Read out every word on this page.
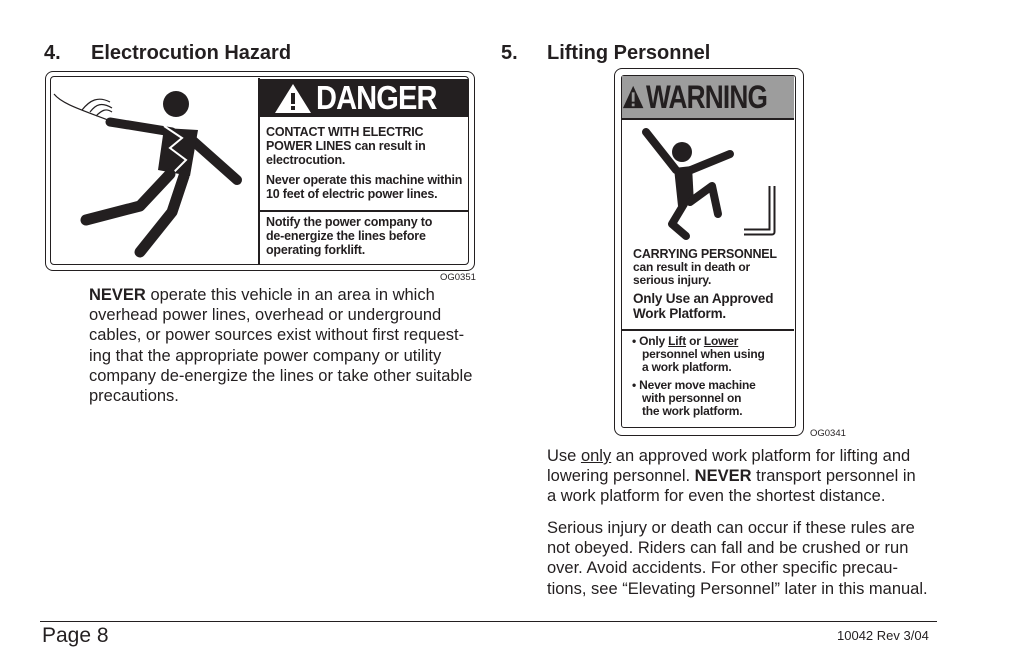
4. Electrocution Hazard
DANGER
CONTACT WITH ELECTRIC
POWER LINES can result in
electrocution.
Never operate this machine within
10 feet of electric power lines.
Notify the power company to
de-energize the lines before
operating forklift.
OG0351
NEVER operate this vehicle in an area in which
overhead power lines, overhead or underground
cables, or power sources exist without first request-
ing that the appropriate power company or utility
company de-energize the lines or take other suitable
precautions.
5. Lifting Personnel
WARNING
CARRYING PERSONNEL
can result in death or
serious injury.
Only Use an Approved
Work Platform.
• Only Lift or Lower
personnel when using
a work platform.
• Never move machine
with personnel on
the work platform.
OG0341
Use only an approved work platform for lifting and
lowering personnel. NEVER transport personnel in
a work platform for even the shortest distance.
Serious injury or death can occur if these rules are
not obeyed. Riders can fall and be crushed or run
over. Avoid accidents. For other specific precau-
tions, see “Elevating Personnel” later in this manual.
Page 8	10042 Rev 3/04
